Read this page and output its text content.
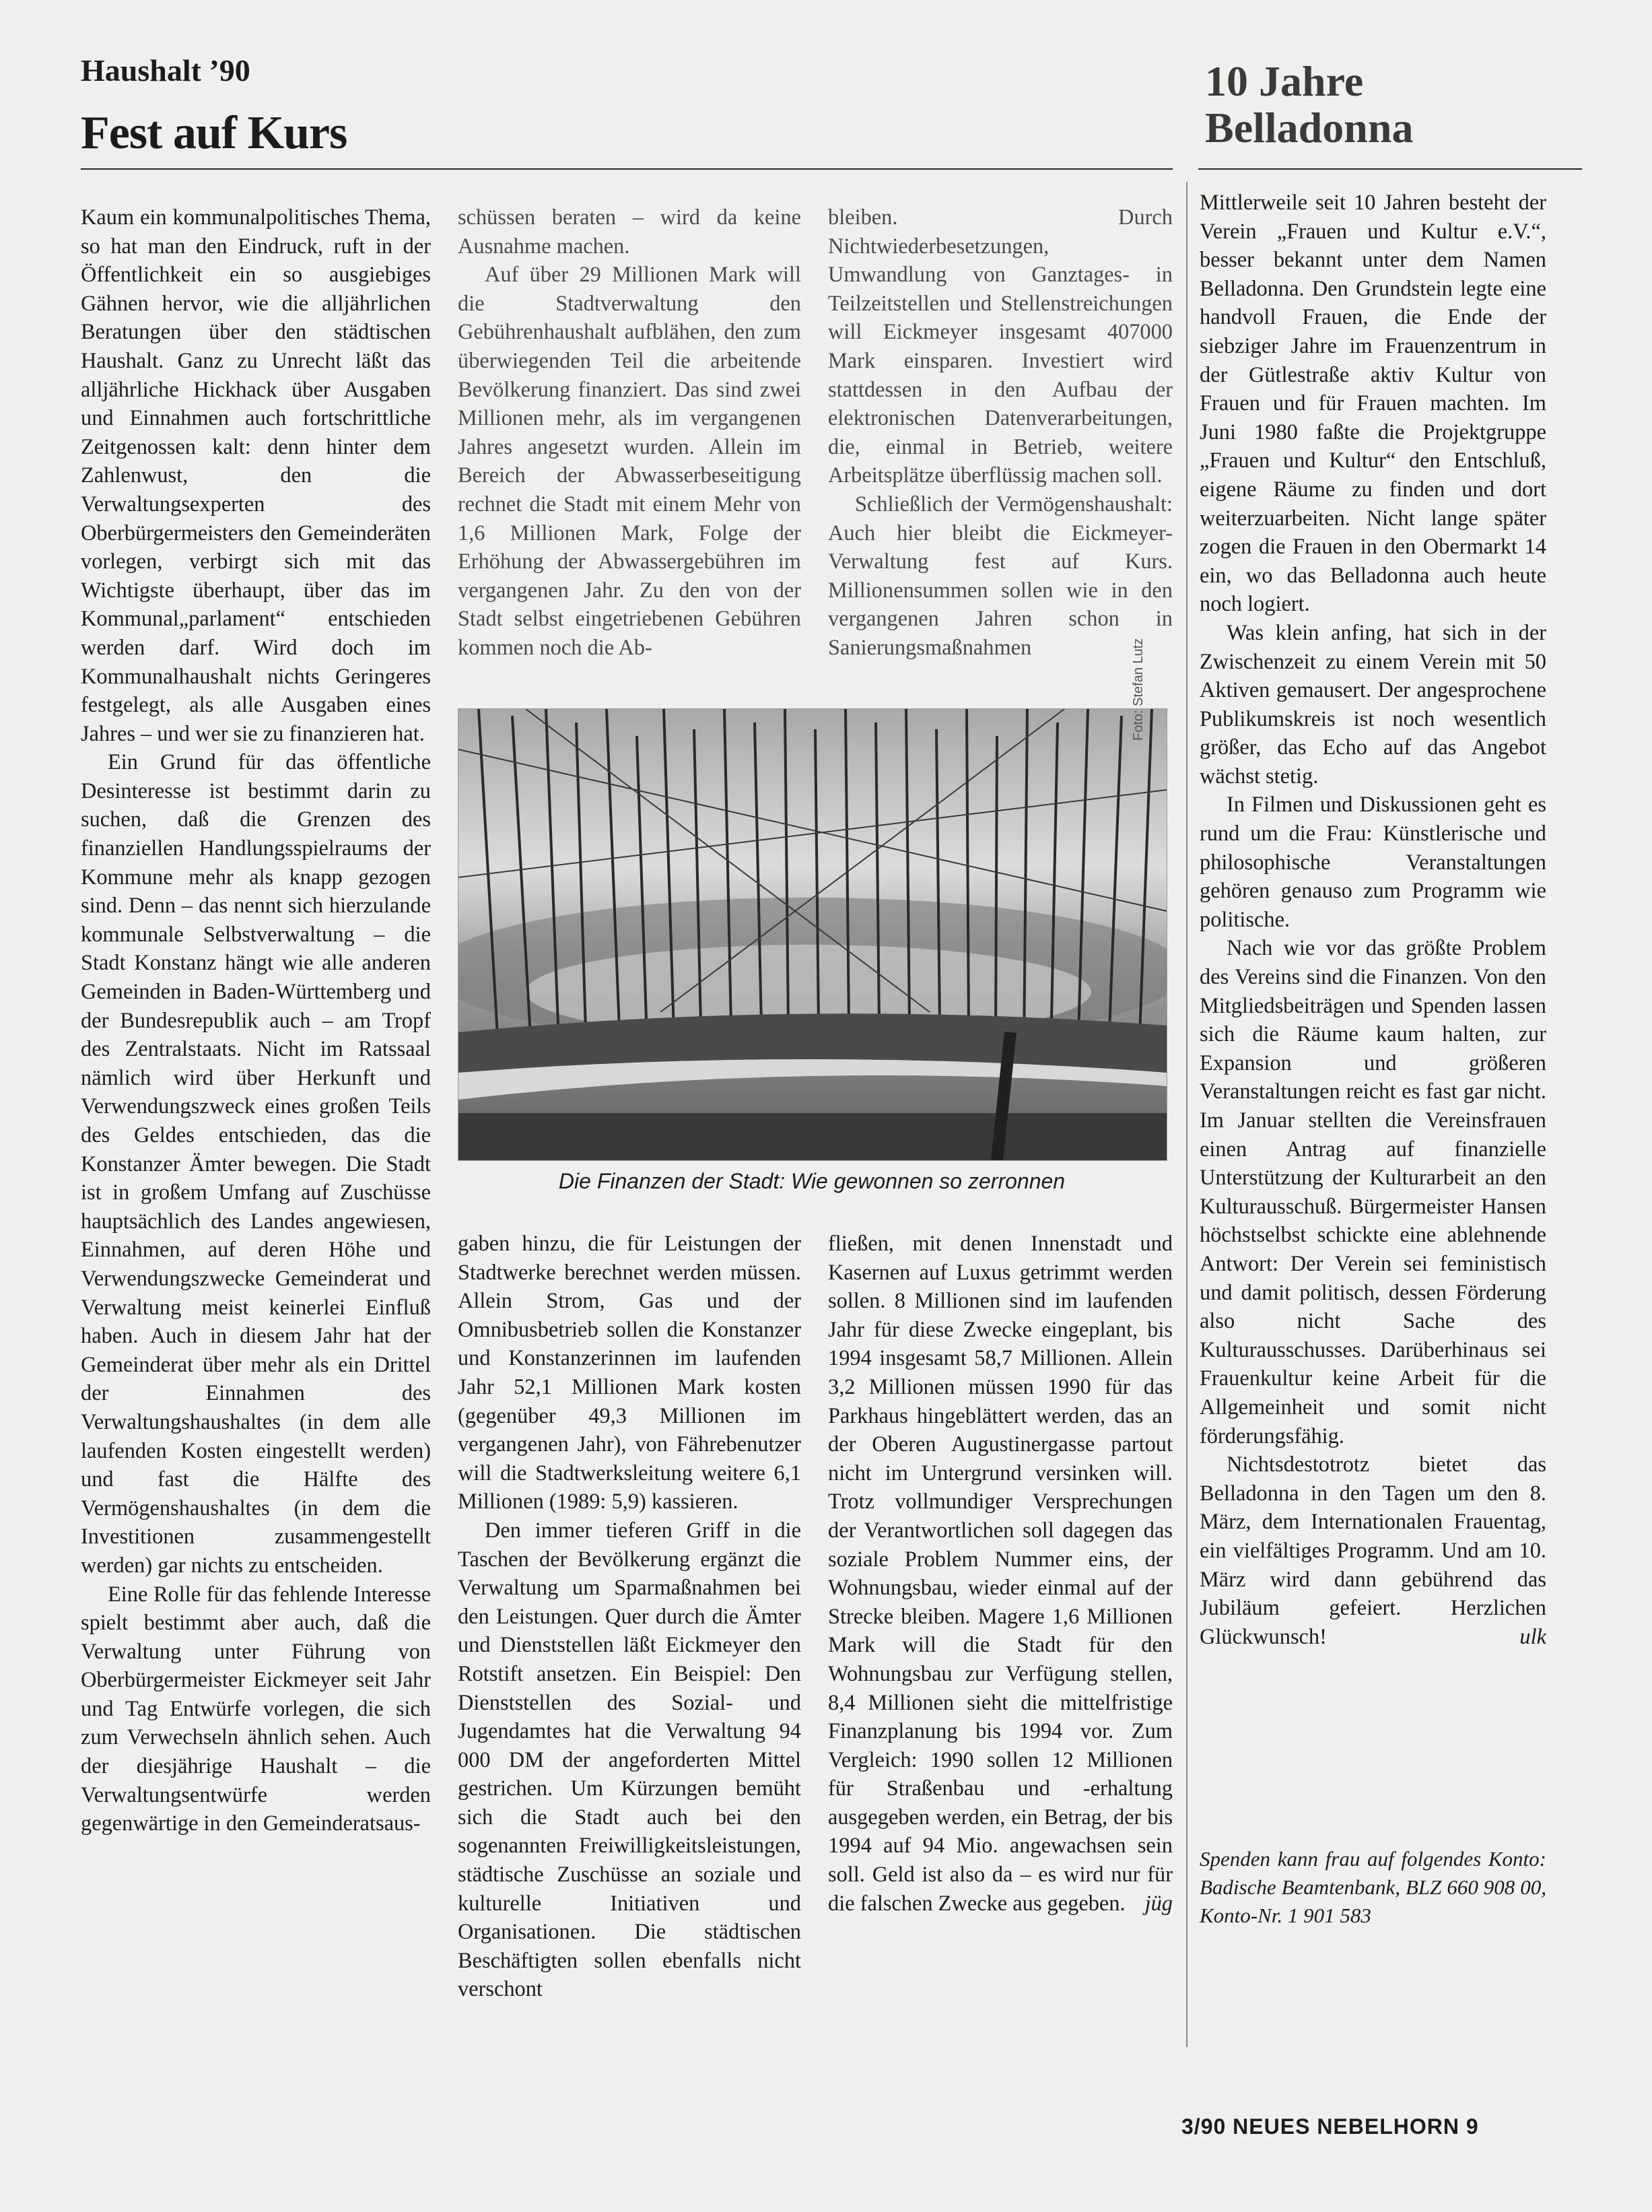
Haushalt ’90
Fest auf Kurs
10 Jahre
Belladonna

Kaum ein kommunalpolitisches Thema, so hat man den Eindruck, ruft in der Öffentlichkeit ein so ausgiebiges Gähnen hervor, wie die alljährlichen Beratungen über den städtischen Haushalt. Ganz zu Unrecht läßt das alljährliche Hickhack über Ausgaben und Einnahmen auch fortschrittliche Zeitgenossen kalt: denn hinter dem Zahlenwust, den die Verwaltungsexperten des Oberbürgermeisters den Gemeinderäten vorlegen, verbirgt sich mit das Wichtigste überhaupt, über das im Kommunal„parlament“ entschieden werden darf. Wird doch im Kommunalhaushalt nichts Geringeres festgelegt, als alle Ausgaben eines Jahres – und wer sie zu finanzieren hat.

Ein Grund für das öffentliche Desinteresse ist bestimmt darin zu suchen, daß die Grenzen des finanziellen Handlungsspielraums der Kommune mehr als knapp gezogen sind. Denn – das nennt sich hierzulande kommunale Selbstverwaltung – die Stadt Konstanz hängt wie alle anderen Gemeinden in Baden-Württemberg und der Bundesrepublik auch – am Tropf des Zentralstaats. Nicht im Ratssaal nämlich wird über Herkunft und Verwendungszweck eines großen Teils des Geldes entschieden, das die Konstanzer Ämter bewegen. Die Stadt ist in großem Umfang auf Zuschüsse hauptsächlich des Landes angewiesen, Einnahmen, auf deren Höhe und Verwendungszwecke Gemeinderat und Verwaltung meist keinerlei Einfluß haben. Auch in diesem Jahr hat der Gemeinderat über mehr als ein Drittel der Einnahmen des Verwaltungshaushaltes (in dem alle laufenden Kosten eingestellt werden) und fast die Hälfte des Vermögenshaushaltes (in dem die Investitionen zusammengestellt werden) gar nichts zu entscheiden.

Eine Rolle für das fehlende Interesse spielt bestimmt aber auch, daß die Verwaltung unter Führung von Oberbürgermeister Eickmeyer seit Jahr und Tag Entwürfe vorlegen, die sich zum Verwechseln ähnlich sehen. Auch der diesjährige Haushalt – die Verwaltungsentwürfe werden gegenwärtige in den Gemeinderatsaus-

schüssen beraten – wird da keine Ausnahme machen.

Auf über 29 Millionen Mark will die Stadtverwaltung den Gebührenhaushalt aufblähen, den zum überwiegenden Teil die arbeitende Bevölkerung finanziert. Das sind zwei Millionen mehr, als im vergangenen Jahres angesetzt wurden. Allein im Bereich der Abwasserbeseitigung rechnet die Stadt mit einem Mehr von 1,6 Millionen Mark, Folge der Erhöhung der Abwassergebühren im vergangenen Jahr. Zu den von der Stadt selbst eingetriebenen Gebühren kommen noch die Ab-

bleiben. Durch Nichtwiederbesetzungen, Umwandlung von Ganztages- in Teilzeitstellen und Stellenstreichungen will Eickmeyer insgesamt 407000 Mark einsparen. Investiert wird stattdessen in den Aufbau der elektronischen Datenverarbeitungen, die, einmal in Betrieb, weitere Arbeitsplätze überflüssig machen soll.

Schließlich der Vermögenshaushalt: Auch hier bleibt die Eickmeyer-Verwaltung fest auf Kurs. Millionensummen sollen wie in den vergangenen Jahren schon in Sanierungsmaßnahmen	Foto: Stefan Lutz
Die Finanzen der Stadt: Wie gewonnen so zerronnen

gaben hinzu, die für Leistungen der Stadtwerke berechnet werden müssen. Allein Strom, Gas und der Omnibusbetrieb sollen die Konstanzer und Konstanzerinnen im laufenden Jahr 52,1 Millionen Mark kosten (gegenüber 49,3 Millionen im vergangenen Jahr), von Fährebenutzer will die Stadtwerksleitung weitere 6,1 Millionen (1989: 5,9) kassieren.

Den immer tieferen Griff in die Taschen der Bevölkerung ergänzt die Verwaltung um Sparmaßnahmen bei den Leistungen. Quer durch die Ämter und Dienststellen läßt Eickmeyer den Rotstift ansetzen. Ein Beispiel: Den Dienststellen des Sozial- und Jugendamtes hat die Verwaltung 94 000 DM der angeforderten Mittel gestrichen. Um Kürzungen bemüht sich die Stadt auch bei den sogenannten Freiwilligkeitsleistungen, städtische Zuschüsse an soziale und kulturelle Initiativen und Organisationen. Die städtischen Beschäftigten sollen ebenfalls nicht verschont

fließen, mit denen Innenstadt und Kasernen auf Luxus getrimmt werden sollen. 8 Millionen sind im laufenden Jahr für diese Zwecke eingeplant, bis 1994 insgesamt 58,7 Millionen. Allein 3,2 Millionen müssen 1990 für das Parkhaus hingeblättert werden, das an der Oberen Augustinergasse partout nicht im Untergrund versinken will. Trotz vollmundiger Versprechungen der Verantwortlichen soll dagegen das soziale Problem Nummer eins, der Wohnungsbau, wieder einmal auf der Strecke bleiben. Magere 1,6 Millionen Mark will die Stadt für den Wohnungsbau zur Verfügung stellen, 8,4 Millionen sieht die mittelfristige Finanzplanung bis 1994 vor. Zum Vergleich: 1990 sollen 12 Millionen für Straßenbau und -erhaltung ausgegeben werden, ein Betrag, der bis 1994 auf 94 Mio. angewachsen sein soll. Geld ist also da – es wird nur für die falschen Zwecke aus gegeben. jüg

Mittlerweile seit 10 Jahren besteht der Verein „Frauen und Kultur e.V.“, besser bekannt unter dem Namen Belladonna. Den Grundstein legte eine handvoll Frauen, die Ende der siebziger Jahre im Frauenzentrum in der Gütlestraße aktiv Kultur von Frauen und für Frauen machten. Im Juni 1980 faßte die Projektgruppe „Frauen und Kultur“ den Entschluß, eigene Räume zu finden und dort weiterzuarbeiten. Nicht lange später zogen die Frauen in den Obermarkt 14 ein, wo das Belladonna auch heute noch logiert.

Was klein anfing, hat sich in der Zwischenzeit zu einem Verein mit 50 Aktiven gemausert. Der angesprochene Publikumskreis ist noch wesentlich größer, das Echo auf das Angebot wächst stetig.

In Filmen und Diskussionen geht es rund um die Frau: Künstlerische und philosophische Veranstaltungen gehören genauso zum Programm wie politische.

Nach wie vor das größte Problem des Vereins sind die Finanzen. Von den Mitgliedsbeiträgen und Spenden lassen sich die Räume kaum halten, zur Expansion und größeren Veranstaltungen reicht es fast gar nicht. Im Januar stellten die Vereinsfrauen einen Antrag auf finanzielle Unterstützung der Kulturarbeit an den Kulturausschuß. Bürgermeister Hansen höchstselbst schickte eine ablehnende Antwort: Der Verein sei feministisch und damit politisch, dessen Förderung also nicht Sache des Kulturausschusses. Darüberhinaus sei Frauenkultur keine Arbeit für die Allgemeinheit und somit nicht förderungsfähig.

Nichtsdestotrotz bietet das Belladonna in den Tagen um den 8. März, dem Internationalen Frauentag, ein vielfältiges Programm. Und am 10. März wird dann gebührend das Jubiläum gefeiert. Herzlichen Glückwunsch!	ulk

Spenden kann frau auf folgendes Konto: Badische Beamtenbank, BLZ 660 908 00, Konto-Nr. 1 901 583
3/90 NEUES NEBELHORN 9
